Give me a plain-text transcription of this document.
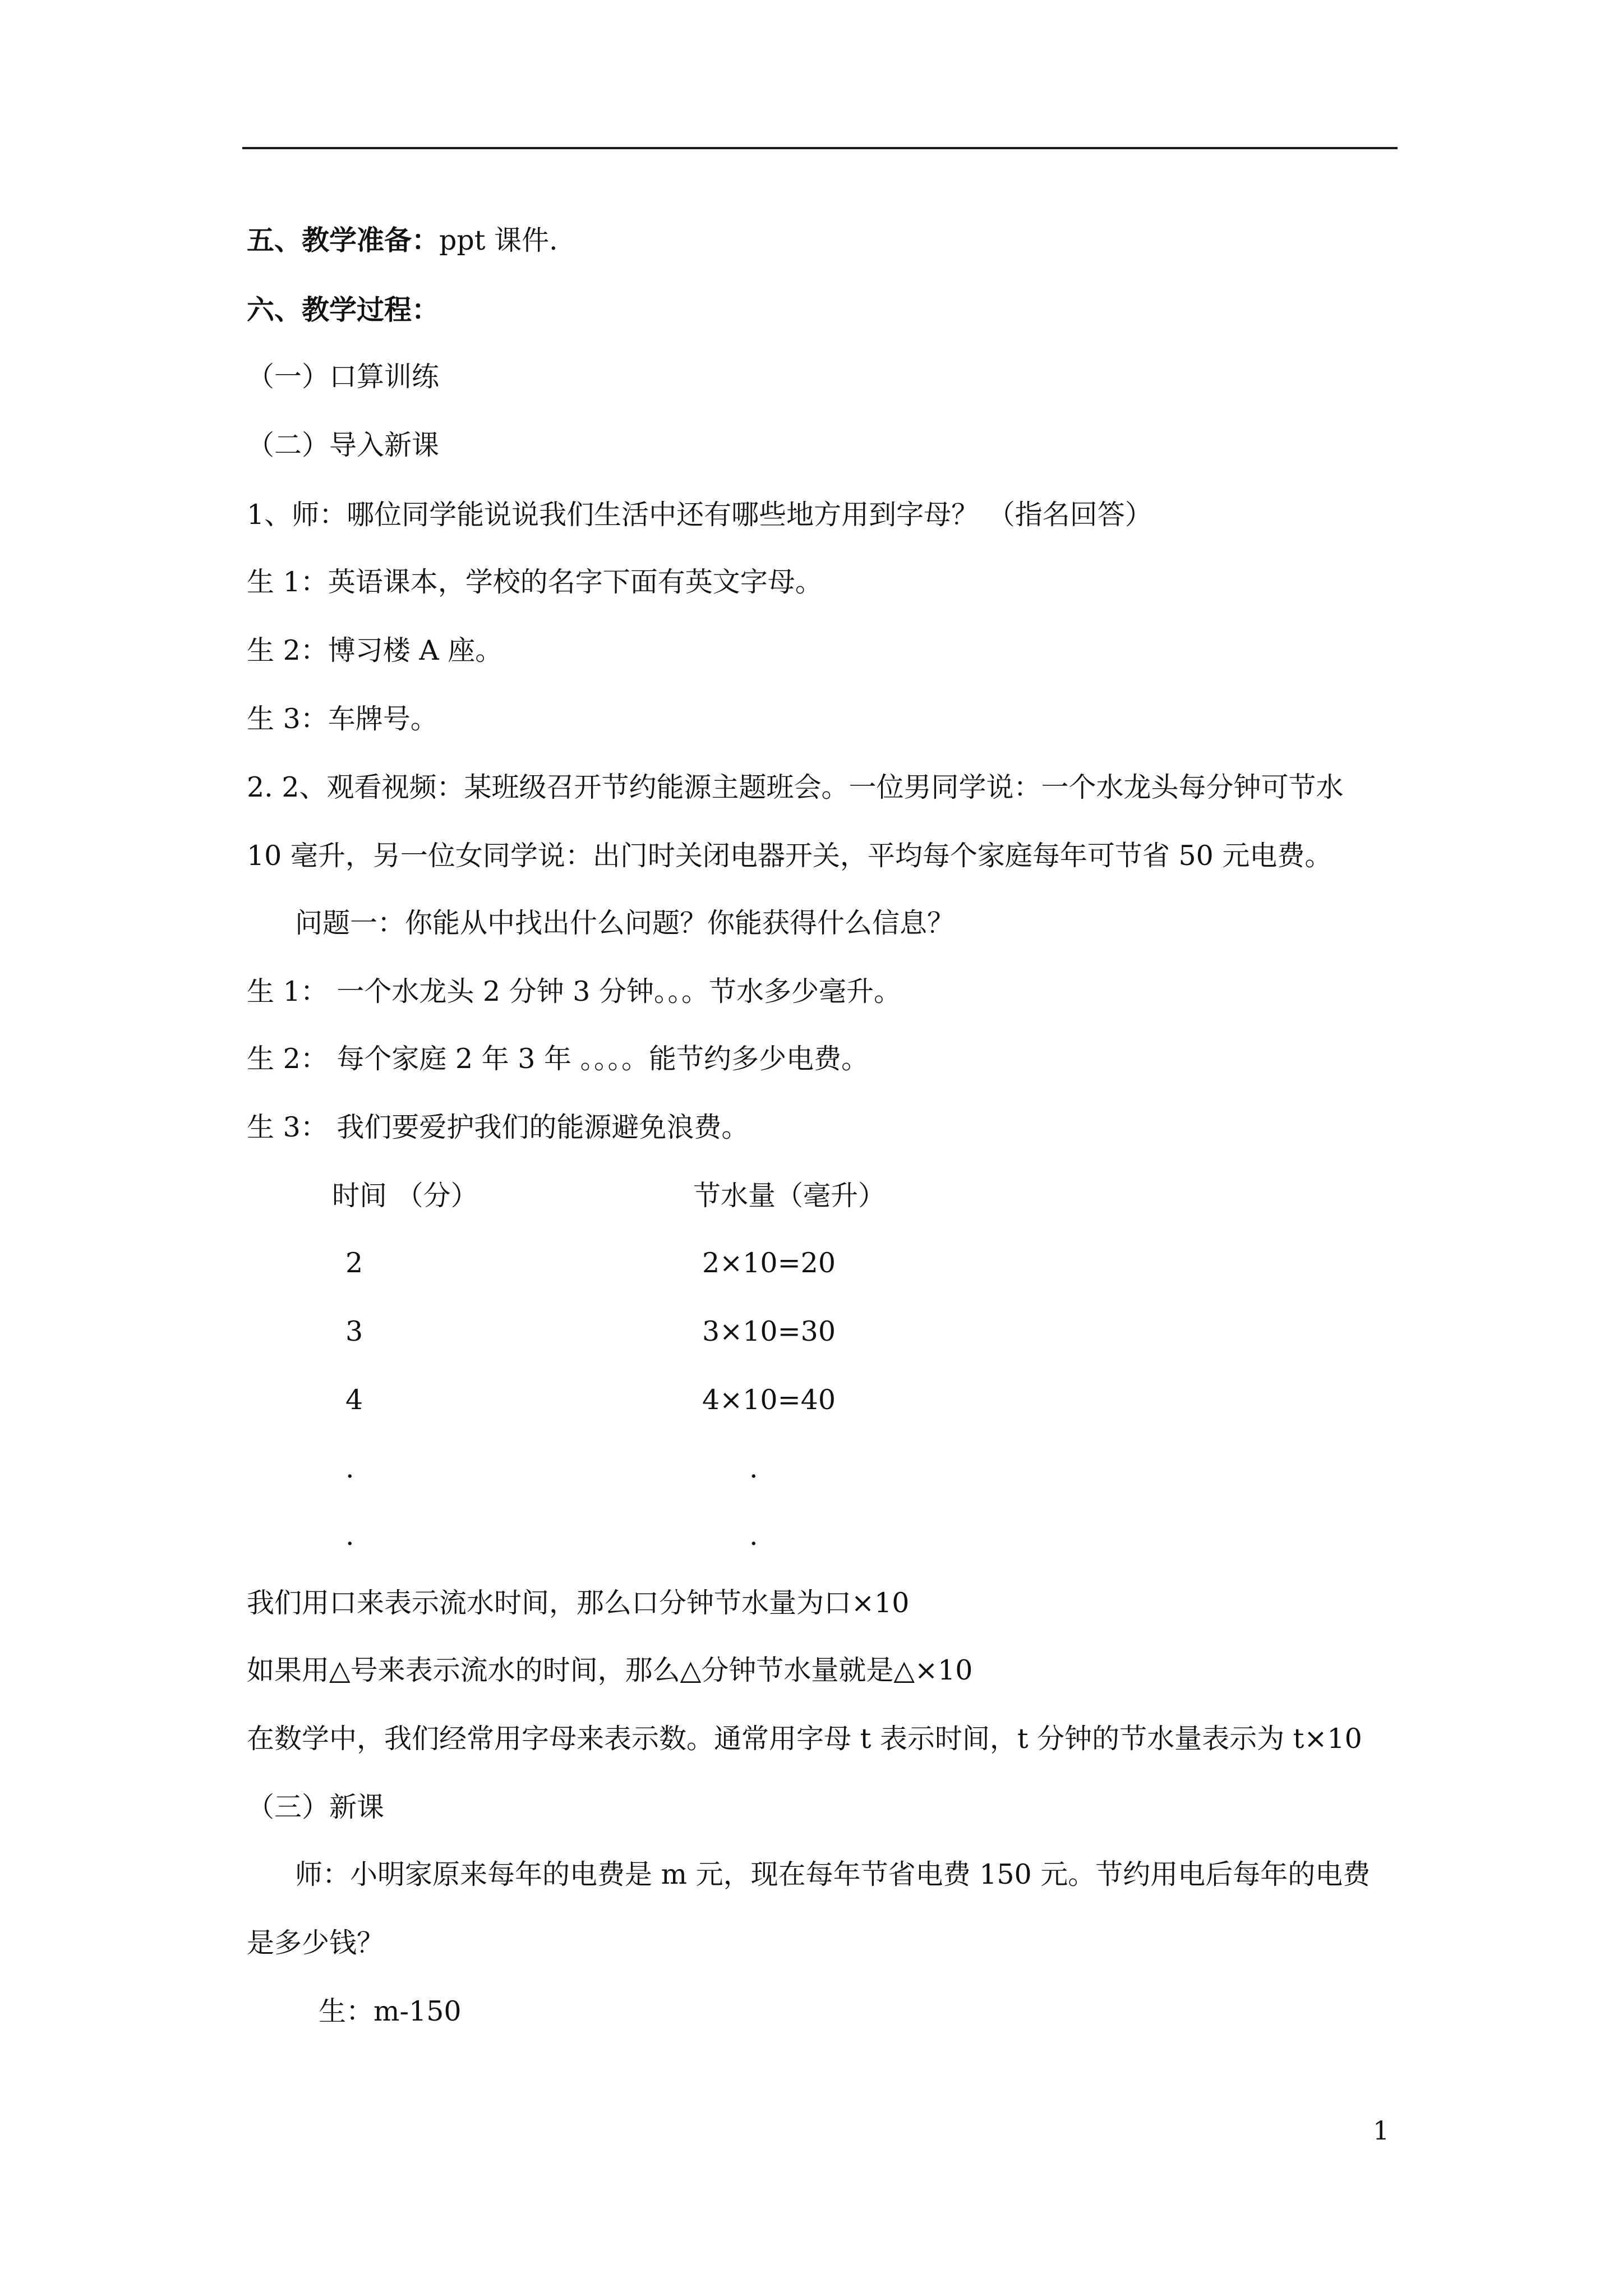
五、教学准备：ppt 课件.
六、教学过程：
（一）口算训练
（二）导入新课
1、师：哪位同学能说说我们生活中还有哪些地方用到字母？ （指名回答）
生 1：英语课本，学校的名字下面有英文字母。
生 2：博习楼 A 座。
生 3：车牌号。
2. 2、观看视频：某班级召开节约能源主题班会。一位男同学说：一个水龙头每分钟可节水
10 毫升，另一位女同学说：出门时关闭电器开关，平均每个家庭每年可节省 50 元电费。
问题一：你能从中找出什么问题？你能获得什么信息？
生 1： 一个水龙头 2 分钟 3 分钟。。。节水多少毫升。
生 2： 每个家庭 2 年 3 年 。。。。能节约多少电费。
生 3： 我们要爱护我们的能源避免浪费。
时间 （分）	节水量（毫升）
2	2×10=20
3	3×10=30
4	4×10=40
.	.
.	.
我们用口来表示流水时间，那么口分钟节水量为口×10
如果用△号来表示流水的时间，那么△分钟节水量就是△×10
在数学中，我们经常用字母来表示数。通常用字母 t 表示时间，t 分钟的节水量表示为 t×10
（三）新课
师：小明家原来每年的电费是 m 元，现在每年节省电费 150 元。节约用电后每年的电费
是多少钱？
生：m-150
1
